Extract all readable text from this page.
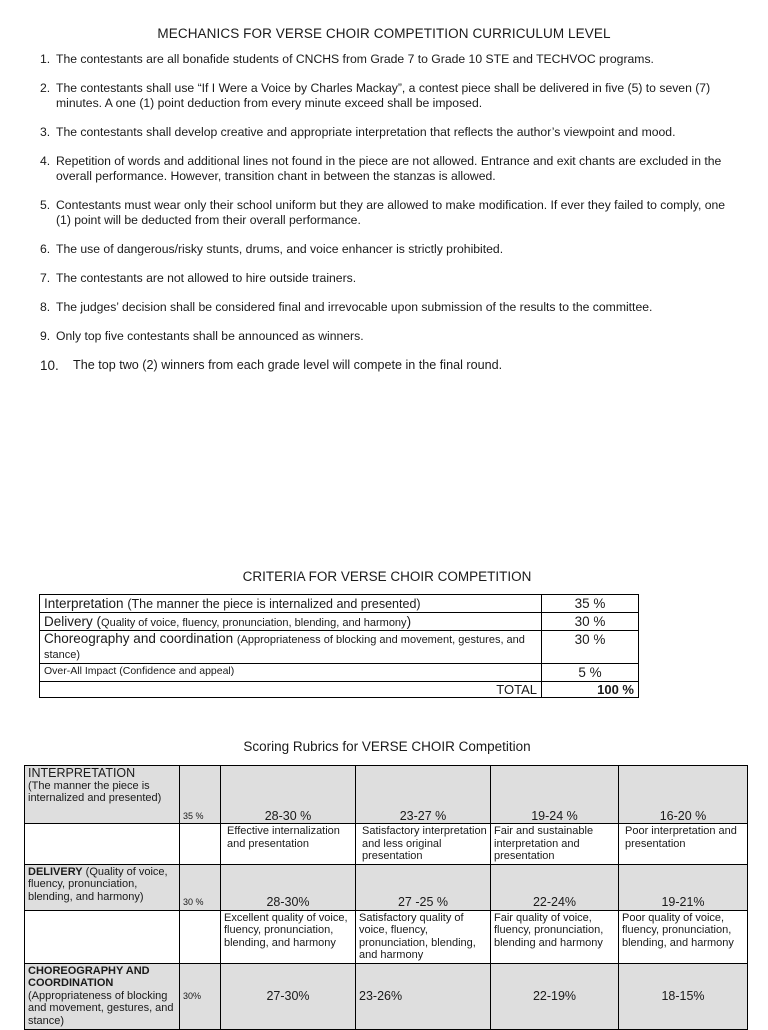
MECHANICS FOR VERSE CHOIR COMPETITION CURRICULUM LEVEL
1. The contestants are all bonafide students of CNCHS from Grade 7 to Grade 10 STE and TECHVOC programs.
2. The contestants shall use “If I Were a Voice by Charles Mackay”, a contest piece shall be delivered in five (5) to seven (7) minutes. A one (1) point deduction from every minute exceed shall be imposed.
3. The contestants shall develop creative and appropriate interpretation that reflects the author’s viewpoint and mood.
4. Repetition of words and additional lines not found in the piece are not allowed. Entrance and exit chants are excluded in the overall performance. However, transition chant in between the stanzas is allowed.
5. Contestants must wear only their school uniform but they are allowed to make modification. If ever they failed to comply, one (1) point will be deducted from their overall performance.
6. The use of dangerous/risky stunts, drums, and voice enhancer is strictly prohibited.
7. The contestants are not allowed to hire outside trainers.
8. The judges’ decision shall be considered final and irrevocable upon submission of the results to the committee.
9. Only top five contestants shall be announced as winners.
10. The top two (2) winners from each grade level will compete in the final round.
CRITERIA FOR VERSE CHOIR COMPETITION
Interpretation (The manner the piece is internalized and presented)	35 %
Delivery (Quality of voice, fluency, pronunciation, blending, and harmony)	30 %
Choreography and coordination (Appropriateness of blocking and movement, gestures, and stance)	30 %
Over-All Impact (Confidence and appeal)	5 %
TOTAL	100 %
Scoring Rubrics for VERSE CHOIR Competition
INTERPRETATION
(The manner the piece is internalized and presented)	35 %	28-30 %	23-27 %	19-24 %	16-20 %
		Effective internalization and presentation	Satisfactory interpretation and less original presentation	Fair and sustainable interpretation and presentation	Poor interpretation and presentation
DELIVERY (Quality of voice, fluency, pronunciation, blending, and harmony)	30 %	28-30%	27 -25 %	22-24%	19-21%
		Excellent quality of voice, fluency, pronunciation, blending, and harmony	Satisfactory quality of voice, fluency, pronunciation, blending, and harmony	Fair quality of voice, fluency, pronunciation, blending and harmony	Poor quality of voice, fluency, pronunciation, blending, and harmony
CHOREOGRAPHY AND COORDINATION
(Appropriateness of blocking and movement, gestures, and stance)	30%	27-30%	23-26%	22-19%	18-15%
